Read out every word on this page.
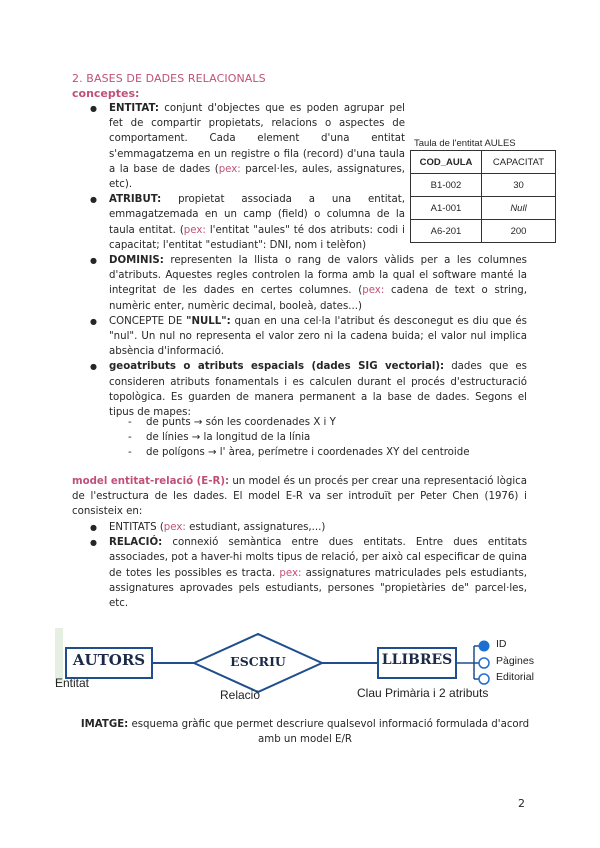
2. BASES DE DADES RELACIONALS
conceptes:
Taula de l'entitat AULES
COD_AULA	CAPACITAT
B1-002	30
A1-001	Null
A6-201	200
● ENTITAT: conjunt d'objectes que es poden agrupar pel fet de compartir propietats, relacions o aspectes de comportament. Cada element d'una entitat s'emmagatzema en un registre o fila (record) d'una taula a la base de dades (pex: parcel·les, aules, assignatures, etc).
● ATRIBUT: propietat associada a una entitat, emmagatzemada en un camp (field) o columna de la taula entitat. (pex: l'entitat "aules" té dos atributs: codi i capacitat; l'entitat "estudiant": DNI, nom i telèfon)
● DOMINIS: representen la llista o rang de valors vàlids per a les columnes d'atributs. Aquestes regles controlen la forma amb la qual el software manté la integritat de les dades en certes columnes. (pex: cadena de text o string, numèric enter, numèric decimal, booleà, dates...)
● CONCEPTE DE "NULL": quan en una cel·la l'atribut és desconegut es diu que és "nul". Un nul no representa el valor zero ni la cadena buida; el valor nul implica absència d'informació.
● geoatributs o atributs espacials (dades SIG vectorial): dades que es consideren atributs fonamentals i es calculen durant el procés d'estructuració topològica. Es guarden de manera permanent a la base de dades. Segons el tipus de mapes:
- de punts → són les coordenades X i Y
- de línies → la longitud de la línia
- de polígons → l' àrea, perímetre i coordenades XY del centroide
model entitat-relació (E-R): un model és un procés per crear una representació lògica de l'estructura de les dades. El model E-R va ser introduït per Peter Chen (1976) i consisteix en:
● ENTITATS (pex: estudiant, assignatures,...)
● RELACIÓ: connexió semàntica entre dues entitats. Entre dues entitats associades, pot a haver-hi molts tipus de relació, per això cal especificar de quina de totes les possibles es tracta. pex: assignatures matriculades pels estudiants, assignatures aprovades pels estudiants, persones "propietàries de" parcel·les, etc.
AUTORS	ESCRIU	LLIBRES
ID
Pàgines
Editorial
Entitat
Relació	Clau Primària i 2 atributs
IMATGE: esquema gràfic que permet descriure qualsevol informació formulada d'acord amb un model E/R
2
